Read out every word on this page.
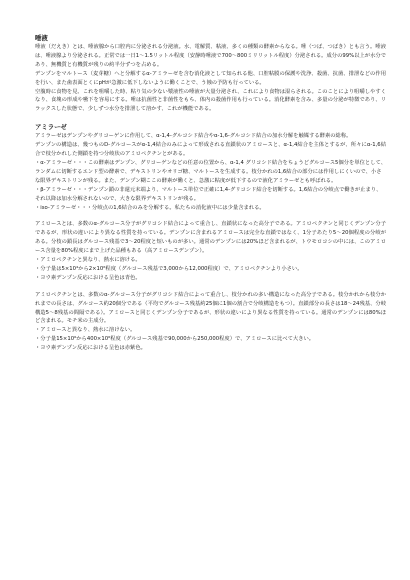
唾液

唾液（だえき）とは、唾液腺から口腔内に分泌される分泌液。水、電解質、粘液、多くの種類の酵素からなる。唾（つば、つばき）とも言う。唾液は、唾液腺より分泌される。正常では一日1～1.5リットル程度（安静時唾液で700～800ミリリットル程度）分泌される。成分の99%以上が水分であり、無機質と有機質が残りの約半分ずつを占める。

デンプンをマルトース（麦芽糖）へと分解するα-アミラーゼを含む消化液として知られる他、口腔粘膜の保護や洗浄、殺菌、抗菌、排泄などの作用を行い、また歯表面とくにpHが急激に低下しないように働くことで、う蝕の予防も行っている。

空腹時に食物を見、これを咀嚼した時、粘り気の少ない漿液性の唾液が大量分泌され、これにより食物は湿らされる。このことにより咀嚼しやすくなり、食塊の形成や嚥下を容易にする。唾は抗菌性と非菌性をもち、体内の殺菌作用も行っている。消化酵素を含み、多量の分泌が特徴であり、リラックスした状態で、少しずつ水分を排泄して溶かす、これが機能である。

アミラーゼ

アミラーゼはデンプンやグリコーゲンに作用して、α-1,4-グルコシド結合やα-1,6-グルコシド結合の加水分解を触媒する酵素の総称。

デンプンの構造は、幾つものD-グルコースがα-1,4結合のみによって形成される直鎖状のアミロースと、α-1,4結合を主体とするが、所々にα-1,6結合で枝分かれした側鎖を持つ分岐状のアミロペクチンとがある。

・α-アミラーゼ・・・この酵素はデンプン、グリコーゲンなどの任意の位置から、α-1,4 グリコシド結合をちょうどグルコース5個分を単位として、ランダムに切断するエンド型の酵素で、デキストリンやオリゴ糖、マルトースを生成する。枝分かれの1,6結合の部分には作用しにくいので、小さな限界デキストリンが残る。また、デンプン糊ここの酵素が働くと、急激に粘度が低下するので液化アミラーゼとも呼ばれる。

・β-アミラーゼ・・・デンプン鎖の非還元末端より、マルトース単位で正確に1,4-グリコシド結合を切断する。1,6結合の分岐点で働きが止まり、それ以降は加水分解されないので、大きな限界デキストリンが残る。

・iso-アミラーゼ・・・分岐点の1,6結合のみを分解する。私たちの消化液中には少量含まれる。

アミロースとは、多数のα-グルコース分子がグリコシド結合によって重合し、直鎖状になった高分子である。アミロペクチンと同じくデンプン分子であるが、形状の違いにより異なる性質を持っている。デンプンに含まれるアミロースは完全な直鎖ではなく、1分子あたり5～20個程度の分岐がある。分枝の鎖長はグルコース残基で3～20程度と短いものが多い。通常のデンプンには20%ほど含まれるが、トウモロコシの中には、このアミロース含量を80%程度にまで上げた品種もある（高アミロースデンプン）。

・アミロペクチンと異なり、熱水に溶ける。

・分子量は5×10⁴から2×10⁶程度（グルコース残基で3,000から12,000程度）で、アミロペクチンより小さい。

・ヨウ素デンプン反応における呈色は青色。

アミロペクチンとは、多数のα-グルコース分子がグリコシド結合によって重合し、枝分かれの多い構造になった高分子である。枝分かれから枝分かれまでの長さは、グルコース約20個分である（平均でグルコース残基約25個に1個の割合で分岐構造をもつ）。直鎖部分の長さは18～24残基、分岐構造5～8残基の間隔である）。アミロースと同じくデンプン分子であるが、形状の違いにより異なる性質を持っている。通常のデンプンには80%ほど含まれる。モチ米の主成分。

・アミロースと異なり、熱水に溶けない。

・分子量15×10⁶から400×10⁶程度（グルコース残基で90,000から250,000程度）で、アミロースに比べて大きい。

・ヨウ素デンプン反応における呈色は赤紫色。
